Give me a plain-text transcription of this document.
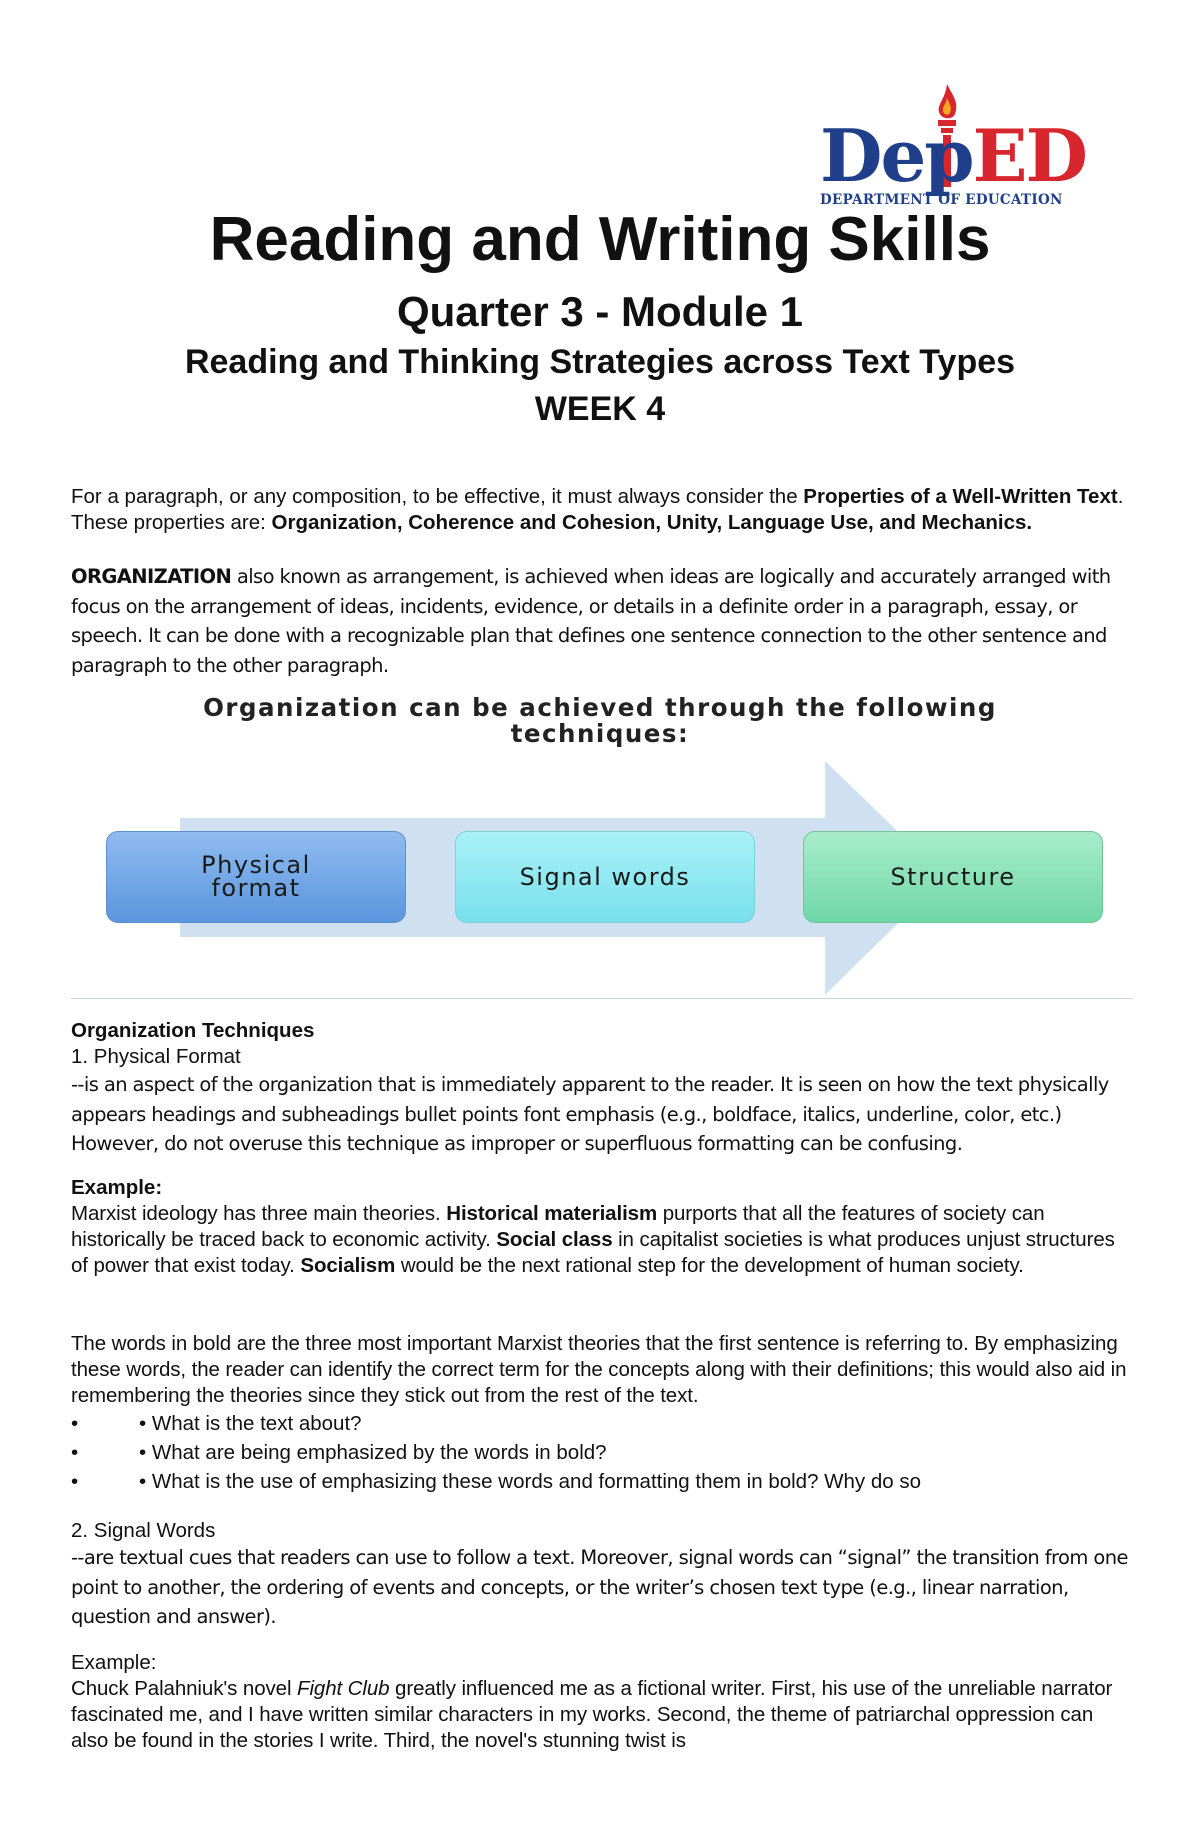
DepED
DEPARTMENT OF EDUCATION
Reading and Writing Skills
Quarter 3 - Module 1
Reading and Thinking Strategies across Text Types
WEEK 4
For a paragraph, or any composition, to be effective, it must always consider the Properties of a Well-Written Text. These properties are: Organization, Coherence and Cohesion, Unity, Language Use, and Mechanics.
ORGANIZATION also known as arrangement, is achieved when ideas are logically and accurately arranged with focus on the arrangement of ideas, incidents, evidence, or details in a definite order in a paragraph, essay, or speech. It can be done with a recognizable plan that defines one sentence connection to the other sentence and paragraph to the other paragraph.
Organization can be achieved through the following
techniques:
Physical
format	Signal words	Structure
Organization Techniques
1. Physical Format
--is an aspect of the organization that is immediately apparent to the reader. It is seen on how the text physically appears headings and subheadings bullet points font emphasis (e.g., boldface, italics, underline, color, etc.) However, do not overuse this technique as improper or superfluous formatting can be confusing.
Example:
Marxist ideology has three main theories. Historical materialism purports that all the features of society can historically be traced back to economic activity. Social class in capitalist societies is what produces unjust structures of power that exist today. Socialism would be the next rational step for the development of human society.
The words in bold are the three most important Marxist theories that the first sentence is referring to. By emphasizing these words, the reader can identify the correct term for the concepts along with their definitions; this would also aid in remembering the theories since they stick out from the rest of the text.
•	• What is the text about?
•	• What are being emphasized by the words in bold?
•	• What is the use of emphasizing these words and formatting them in bold? Why do so
2. Signal Words
--are textual cues that readers can use to follow a text. Moreover, signal words can “signal” the transition from one point to another, the ordering of events and concepts, or the writer’s chosen text type (e.g., linear narration, question and answer).
Example:
Chuck Palahniuk's novel Fight Club greatly influenced me as a fictional writer. First, his use of the unreliable narrator fascinated me, and I have written similar characters in my works. Second, the theme of patriarchal oppression can also be found in the stories I write. Third, the novel's stunning twist is
